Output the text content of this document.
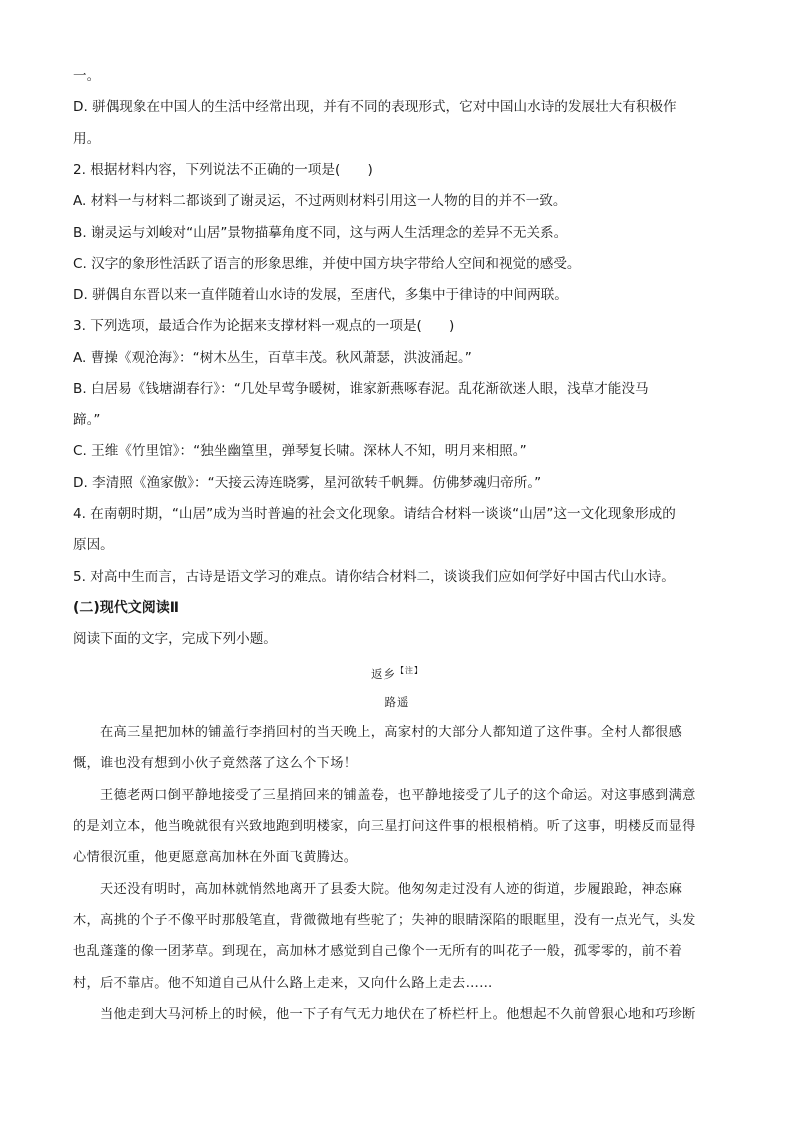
一。
D. 骈偶现象在中国人的生活中经常出现，并有不同的表现形式，它对中国山水诗的发展壮大有积极作
用。
2. 根据材料内容，下列说法不正确的一项是(　　)
A. 材料一与材料二都谈到了谢灵运，不过两则材料引用这一人物的目的并不一致。
B. 谢灵运与刘峻对“山居”景物描摹角度不同，这与两人生活理念的差异不无关系。
C. 汉字的象形性活跃了语言的形象思维，并使中国方块字带给人空间和视觉的感受。
D. 骈偶自东晋以来一直伴随着山水诗的发展，至唐代，多集中于律诗的中间两联。
3. 下列选项，最适合作为论据来支撑材料一观点的一项是(　　)
A. 曹操《观沧海》：“树木丛生，百草丰茂。秋风萧瑟，洪波涌起。”
B. 白居易《钱塘湖春行》：“几处早莺争暖树，谁家新燕啄春泥。乱花渐欲迷人眼，浅草才能没马
蹄。”
C. 王维《竹里馆》：“独坐幽篁里，弹琴复长啸。深林人不知，明月来相照。”
D. 李清照《渔家傲》：“天接云涛连晓雾，星河欲转千帆舞。仿佛梦魂归帝所。”
4. 在南朝时期，“山居”成为当时普遍的社会文化现象。请结合材料一谈谈“山居”这一文化现象形成的
原因。
5. 对高中生而言，古诗是语文学习的难点。请你结合材料二，谈谈我们应如何学好中国古代山水诗。
(二)现代文阅读Ⅱ
阅读下面的文字，完成下列小题。
返乡$^{【注】}$
路遥
在高三星把加林的铺盖行李捎回村的当天晚上，高家村的大部分人都知道了这件事。全村人都很感
慨，谁也没有想到小伙子竟然落了这么个下场！
王德老两口倒平静地接受了三星捎回来的铺盖卷，也平静地接受了儿子的这个命运。对这事感到满意
的是刘立本，他当晚就很有兴致地跑到明楼家，向三星打问这件事的根根梢梢。听了这事，明楼反而显得
心情很沉重，他更愿意高加林在外面飞黄腾达。
天还没有明时，高加林就悄然地离开了县委大院。他匆匆走过没有人迹的街道，步履踉跄，神态麻
木，高挑的个子不像平时那般笔直，背微微地有些驼了；失神的眼睛深陷的眼眶里，没有一点光气，头发
也乱蓬蓬的像一团茅草。到现在，高加林才感觉到自己像个一无所有的叫花子一般，孤零零的，前不着
村，后不靠店。他不知道自己从什么路上走来，又向什么路上走去……
当他走到大马河桥上的时候，他一下子有气无力地伏在了桥栏杆上。他想起不久前曾狠心地和巧珍断
